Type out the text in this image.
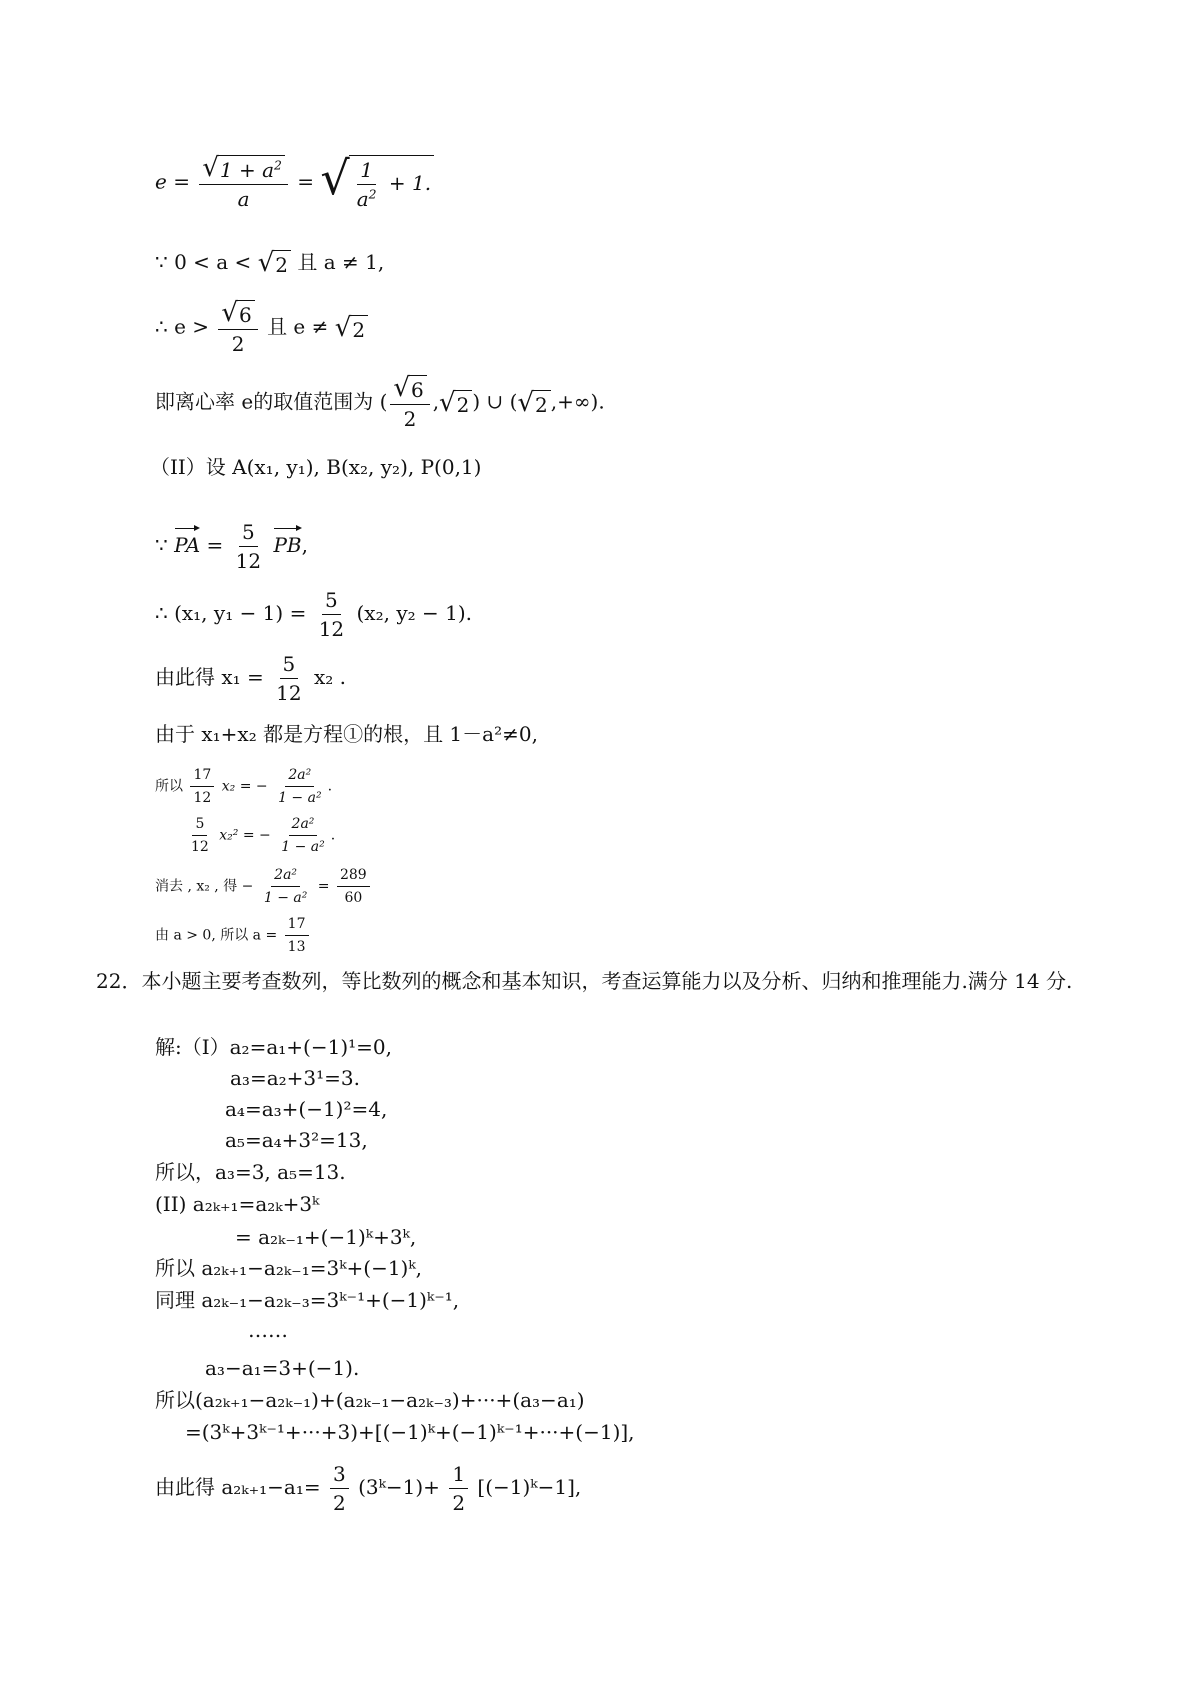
$e = \frac{√ 1 + a^2}{a}$ = √ $\frac{1}{a^2} + 1$.
∵ 0 < a < √ 2 且 a ≠ 1,
∴ $e > \frac{√ 6}{2}$ 且 e ≠ √ 2
即离心率 e的取值范围为 ( $\frac{√ 6}{2}$ , √ 2 ) ∪ ( √ 2 ,+∞).
（II）设 A(x₁, y₁), B(x₂, y₂), P(0,1)
∵ PA = $\frac{5}{12}$ PB,
∴ (x₁, $y_1 - 1) = \frac{5}{12} (x_2$, y₂ − 1).
由此得 $x_1 = \frac{5}{12} x_2$ .
由于 x₁+x₂ 都是方程①的根，且 1－a²≠0,
所以 $\frac{17}{12} x_2$ = − $\frac{\text{2a²}}{\text{1 − a²}}$ .
$\frac{5}{12} x_2^2$ = − $\frac{\text{2a²}}{\text{1 − a²}}$ .
消去 , x₂ , 得 − $\frac{\text{2a²}}{\text{1 − a²}} = \frac{289}{60}$
由 a > 0, 所以 $a = \frac{17}{13}$
22．本小题主要考查数列，等比数列的概念和基本知识，考查运算能力以及分析、归纳和推理能力.满分 14 分.
解:（I）a₂=a₁+(−1)¹=0,
a₃=a₂+3¹=3.
a₄=a₃+(−1)²=4,
a₅=a₄+3²=13,
所以，a₃=3, a₅=13.
(II) a₂ₖ₊₁=a₂ₖ+3ᵏ
= a₂ₖ₋₁+(−1)ᵏ+3ᵏ,
所以 a₂ₖ₊₁−a₂ₖ₋₁=3ᵏ+(−1)ᵏ,
同理 a₂ₖ₋₁−a₂ₖ₋₃=3ᵏ⁻¹+(−1)ᵏ⁻¹,
……
a₃−a₁=3+(−1).
所以(a₂ₖ₊₁−a₂ₖ₋₁)+(a₂ₖ₋₁−a₂ₖ₋₃)+···+(a₃−a₁)
=(3ᵏ+3ᵏ⁻¹+···+3)+[(−1)ᵏ+(−1)ᵏ⁻¹+···+(−1)],
由此得 $a_{2k+1}-a_1= \frac{3}{2}$ (3ᵏ−1)+ $\frac{1}{2}$ [(−1)ᵏ−1],
